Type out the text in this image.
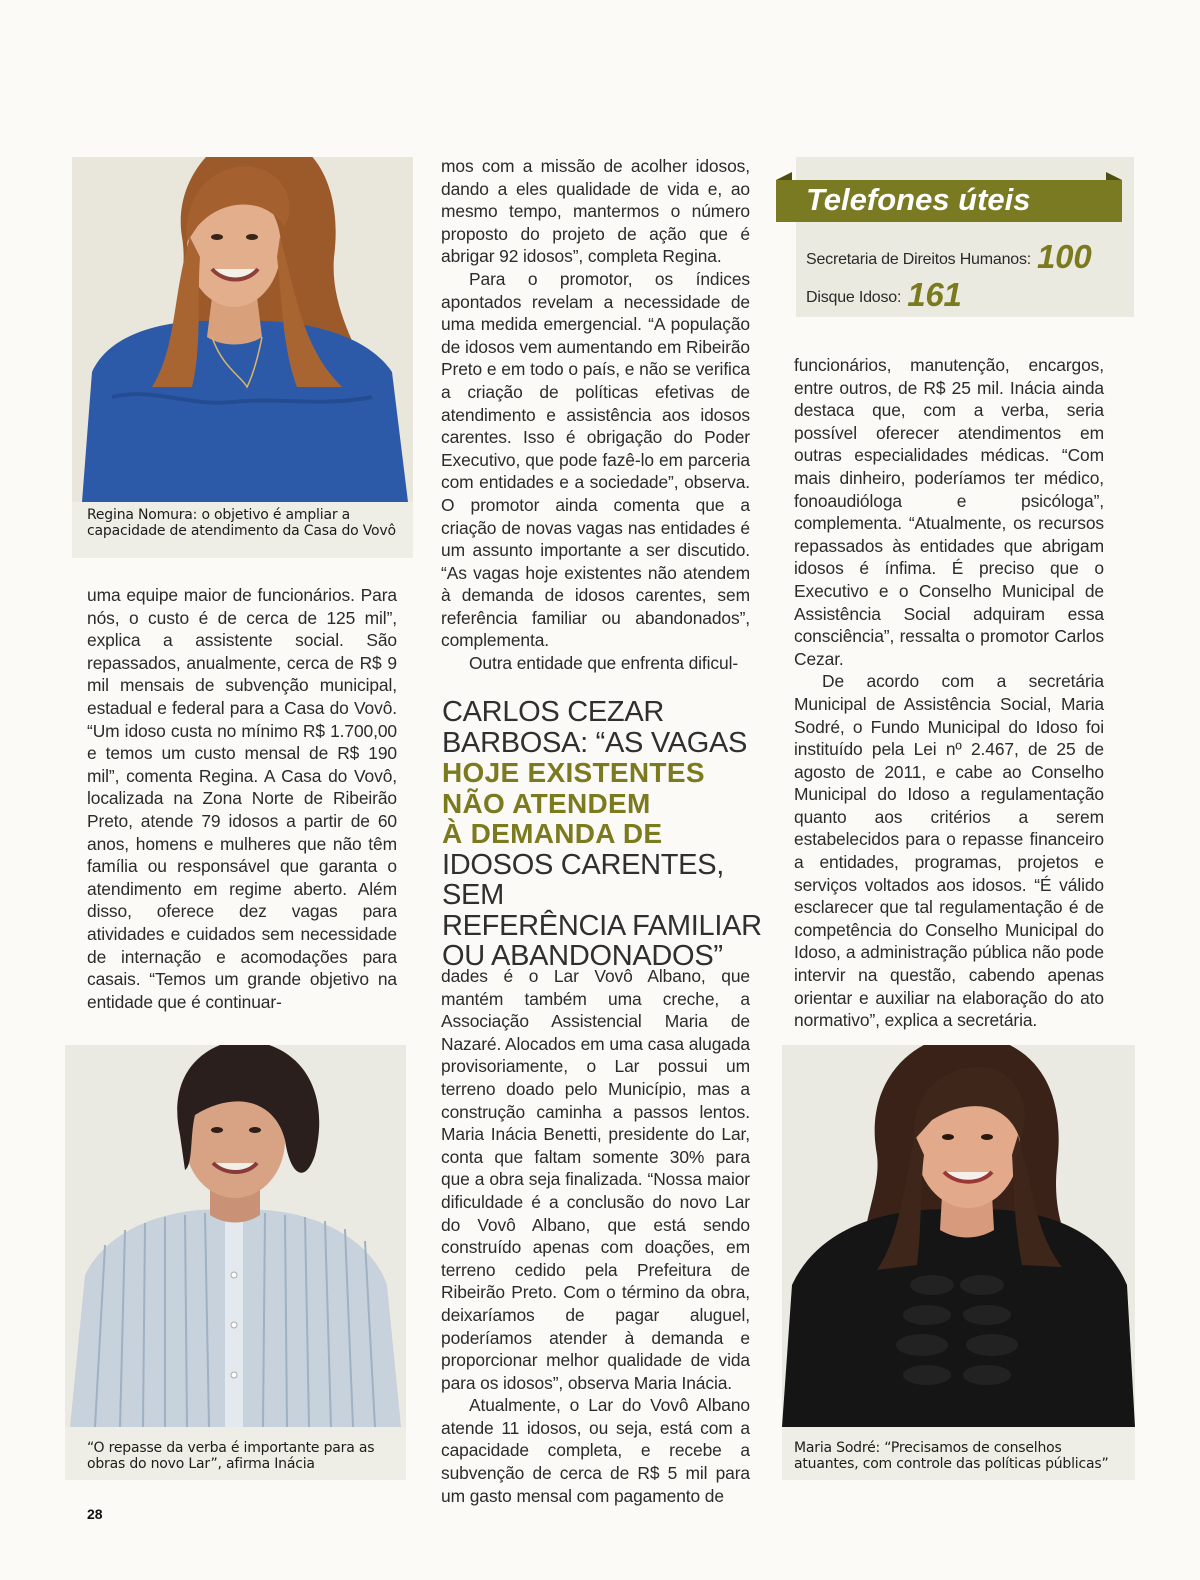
Regina Nomura: o objetivo é ampliar a
capacidade de atendimento da Casa do Vovô

uma equipe maior de funcionários. Para nós, o custo é de cerca de 125 mil”, explica a assistente social. São repassados, anualmente, cerca de R$ 9 mil mensais de subvenção municipal, estadual e federal para a Casa do Vovô. “Um idoso custa no mínimo R$ 1.700,00 e temos um custo mensal de R$ 190 mil”, comenta Regina. A Casa do Vovô, localizada na Zona Norte de Ribeirão Preto, atende 79 idosos a partir de 60 anos, homens e mulheres que não têm família ou responsável que garanta o atendimento em regime aberto. Além disso, oferece dez vagas para atividades e cuidados sem necessidade de internação e acomodações para casais. “Temos um grande objetivo na entidade que é continuar-

“O repasse da verba é importante para as
obras do novo Lar”, afirma Inácia

mos com a missão de acolher idosos, dando a eles qualidade de vida e, ao mesmo tempo, mantermos o número proposto do projeto de ação que é abrigar 92 idosos”, completa Regina.

Para o promotor, os índices apontados revelam a necessidade de uma medida emergencial. “A população de idosos vem aumentando em Ribeirão Preto e em todo o país, e não se verifica a criação de políticas efetivas de atendimento e assistência aos idosos carentes. Isso é obrigação do Poder Executivo, que pode fazê-lo em parceria com entidades e a sociedade”, observa. O promotor ainda comenta que a criação de novas vagas nas entidades é um assunto importante a ser discutido. “As vagas hoje existentes não atendem à demanda de idosos carentes, sem referência familiar ou abandonados”, complementa.

Outra entidade que enfrenta dificul-

CARLOS CEZAR
BARBOSA: “AS VAGAS
HOJE EXISTENTES
NÃO ATENDEM
À DEMANDA DE
IDOSOS CARENTES, SEM
REFERÊNCIA FAMILIAR
OU ABANDONADOS”

dades é o Lar Vovô Albano, que mantém também uma creche, a Associação Assistencial Maria de Nazaré. Alocados em uma casa alugada provisoriamente, o Lar possui um terreno doado pelo Município, mas a construção caminha a passos lentos. Maria Inácia Benetti, presidente do Lar, conta que faltam somente 30% para que a obra seja finalizada. “Nossa maior dificuldade é a conclusão do novo Lar do Vovô Albano, que está sendo construído apenas com doações, em terreno cedido pela Prefeitura de Ribeirão Preto. Com o término da obra, deixaríamos de pagar aluguel, poderíamos atender à demanda e proporcionar melhor qualidade de vida para os idosos”, observa Maria Inácia.

Atualmente, o Lar do Vovô Albano atende 11 idosos, ou seja, está com a capacidade completa, e recebe a subvenção de cerca de R$ 5 mil para um gasto mensal com pagamento de

Telefones úteis
Secretaria de Direitos Humanos: 100
Disque Idoso: 161

funcionários, manutenção, encargos, entre outros, de R$ 25 mil. Inácia ainda destaca que, com a verba, seria possível oferecer atendimentos em outras especialidades médicas. “Com mais dinheiro, poderíamos ter médico, fonoaudióloga e psicóloga”, complementa. “Atualmente, os recursos repassados às entidades que abrigam idosos é ínfima. É preciso que o Executivo e o Conselho Municipal de Assistência Social adquiram essa consciência”, ressalta o promotor Carlos Cezar.

De acordo com a secretária Municipal de Assistência Social, Maria Sodré, o Fundo Municipal do Idoso foi instituído pela Lei nº 2.467, de 25 de agosto de 2011, e cabe ao Conselho Municipal do Idoso a regulamentação quanto aos critérios a serem estabelecidos para o repasse financeiro a entidades, programas, projetos e serviços voltados aos idosos. “É válido esclarecer que tal regulamentação é de competência do Conselho Municipal do Idoso, a administração pública não pode intervir na questão, cabendo apenas orientar e auxiliar na elaboração do ato normativo”, explica a secretária.

Maria Sodré: “Precisamos de conselhos
atuantes, com controle das políticas públicas”
28
